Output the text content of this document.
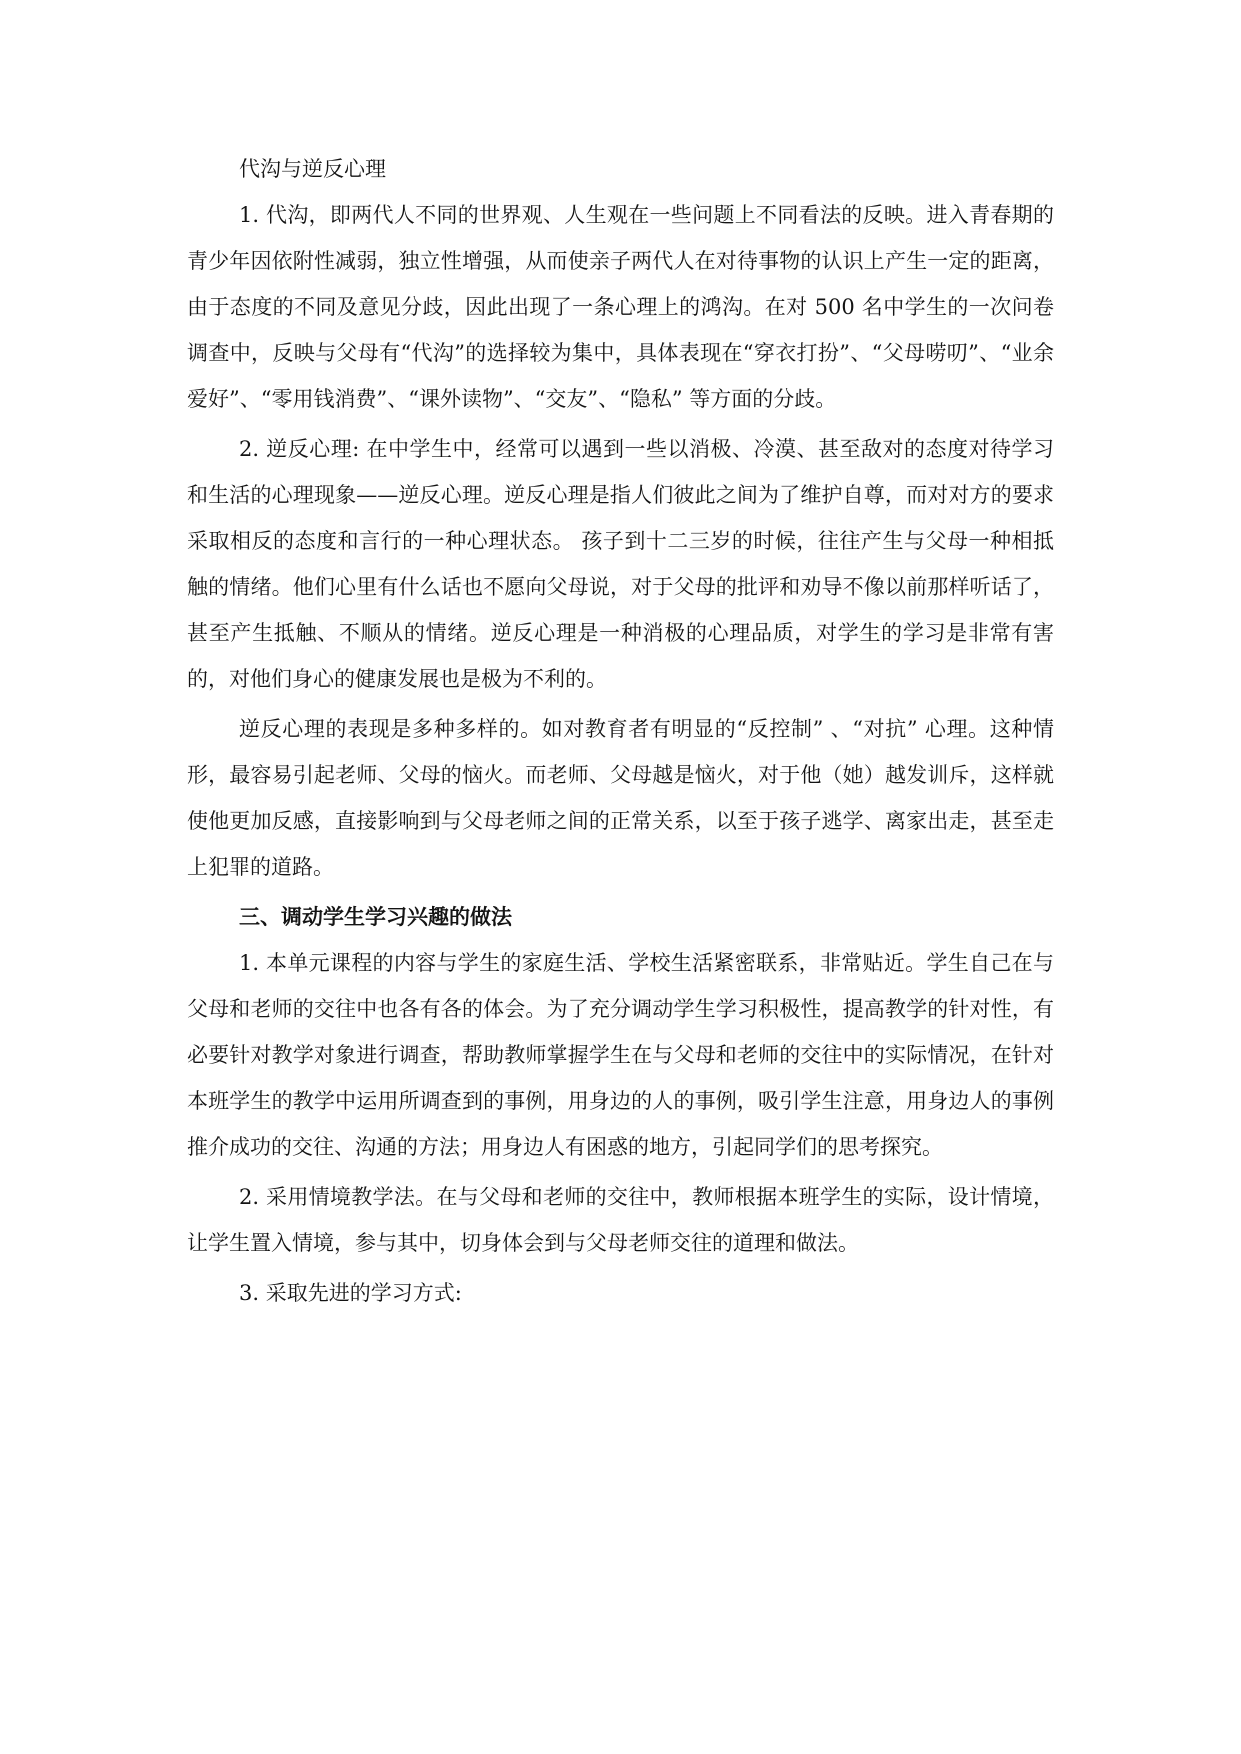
代沟与逆反心理

1. 代沟，即两代人不同的世界观、人生观在一些问题上不同看法的反映。进入青春期的青少年因依附性减弱，独立性增强，从而使亲子两代人在对待事物的认识上产生一定的距离，由于态度的不同及意见分歧，因此出现了一条心理上的鸿沟。在对 500 名中学生的一次问卷调查中，反映与父母有“代沟”的选择较为集中，具体表现在“穿衣打扮”、“父母唠叨”、“业余爱好”、“零用钱消费”、“课外读物”、“交友”、“隐私” 等方面的分歧。

2. 逆反心理: 在中学生中，经常可以遇到一些以消极、冷漠、甚至敌对的态度对待学习和生活的心理现象——逆反心理。逆反心理是指人们彼此之间为了维护自尊，而对对方的要求采取相反的态度和言行的一种心理状态。 孩子到十二三岁的时候，往往产生与父母一种相抵触的情绪。他们心里有什么话也不愿向父母说，对于父母的批评和劝导不像以前那样听话了，甚至产生抵触、不顺从的情绪。逆反心理是一种消极的心理品质，对学生的学习是非常有害的，对他们身心的健康发展也是极为不利的。

逆反心理的表现是多种多样的。如对教育者有明显的“反控制” 、“对抗” 心理。这种情形，最容易引起老师、父母的恼火。而老师、父母越是恼火，对于他（她）越发训斥，这样就使他更加反感，直接影响到与父母老师之间的正常关系，以至于孩子逃学、离家出走，甚至走上犯罪的道路。

三、调动学生学习兴趣的做法

1. 本单元课程的内容与学生的家庭生活、学校生活紧密联系，非常贴近。学生自己在与父母和老师的交往中也各有各的体会。为了充分调动学生学习积极性，提高教学的针对性，有必要针对教学对象进行调查，帮助教师掌握学生在与父母和老师的交往中的实际情况，在针对本班学生的教学中运用所调查到的事例，用身边的人的事例，吸引学生注意，用身边人的事例推介成功的交往、沟通的方法；用身边人有困惑的地方，引起同学们的思考探究。

2. 采用情境教学法。在与父母和老师的交往中，教师根据本班学生的实际，设计情境，让学生置入情境，参与其中，切身体会到与父母老师交往的道理和做法。

3. 采取先进的学习方式:
